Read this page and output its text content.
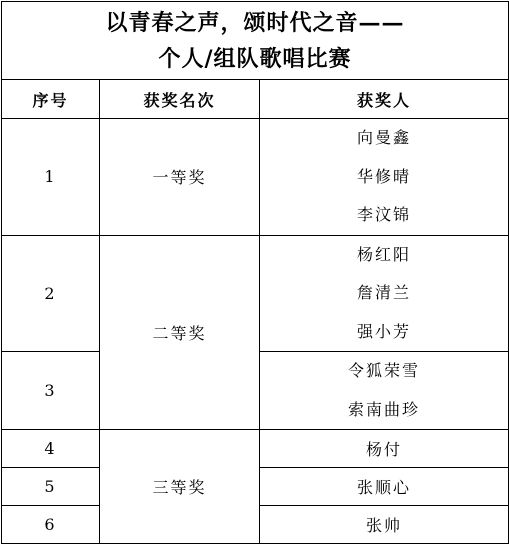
以青春之声，颂时代之音——
个人/组队歌唱比赛		

序号	获奖名次	获奖人
1	一等奖	向曼鑫
华修晴
李汶锦

2	二等奖	杨红阳
詹清兰
强小芳

3		令狐荣雪
索南曲珍

4	三等奖	杨付
5		张顺心
6		张帅
